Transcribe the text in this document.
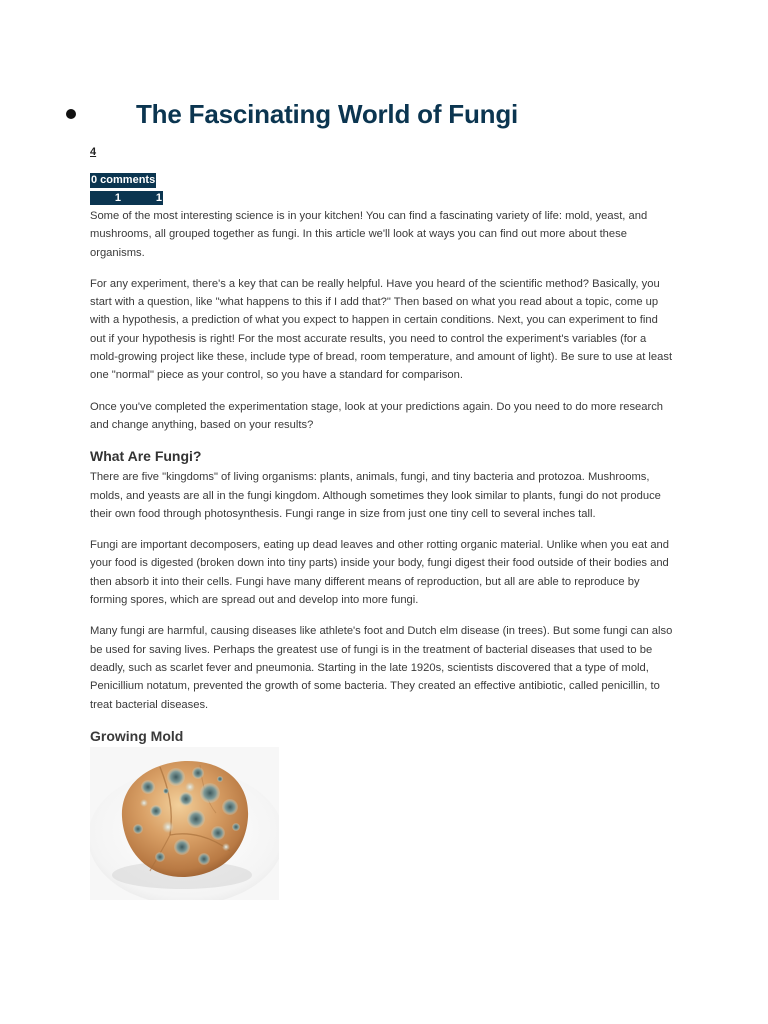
The Fascinating World of Fungi
4
0 comments
1	1

Some of the most interesting science is in your kitchen! You can find a fascinating variety of life: mold, yeast, and mushrooms, all grouped together as fungi. In this article we'll look at ways you can find out more about these organisms.

For any experiment, there's a key that can be really helpful. Have you heard of the scientific method? Basically, you start with a question, like "what happens to this if I add that?" Then based on what you read about a topic, come up with a hypothesis, a prediction of what you expect to happen in certain conditions. Next, you can experiment to find out if your hypothesis is right! For the most accurate results, you need to control the experiment's variables (for a mold-growing project like these, include type of bread, room temperature, and amount of light). Be sure to use at least one "normal" piece as your control, so you have a standard for comparison.

Once you've completed the experimentation stage, look at your predictions again. Do you need to do more research and change anything, based on your results?

What Are Fungi?

There are five "kingdoms" of living organisms: plants, animals, fungi, and tiny bacteria and protozoa. Mushrooms, molds, and yeasts are all in the fungi kingdom. Although sometimes they look similar to plants, fungi do not produce their own food through photosynthesis. Fungi range in size from just one tiny cell to several inches tall.

Fungi are important decomposers, eating up dead leaves and other rotting organic material. Unlike when you eat and your food is digested (broken down into tiny parts) inside your body, fungi digest their food outside of their bodies and then absorb it into their cells. Fungi have many different means of reproduction, but all are able to reproduce by forming spores, which are spread out and develop into more fungi.

Many fungi are harmful, causing diseases like athlete's foot and Dutch elm disease (in trees). But some fungi can also be used for saving lives. Perhaps the greatest use of fungi is in the treatment of bacterial diseases that used to be deadly, such as scarlet fever and pneumonia. Starting in the late 1920s, scientists discovered that a type of mold, Penicillium notatum, prevented the growth of some bacteria. They created an effective antibiotic, called penicillin, to treat bacterial diseases.

Growing Mold
